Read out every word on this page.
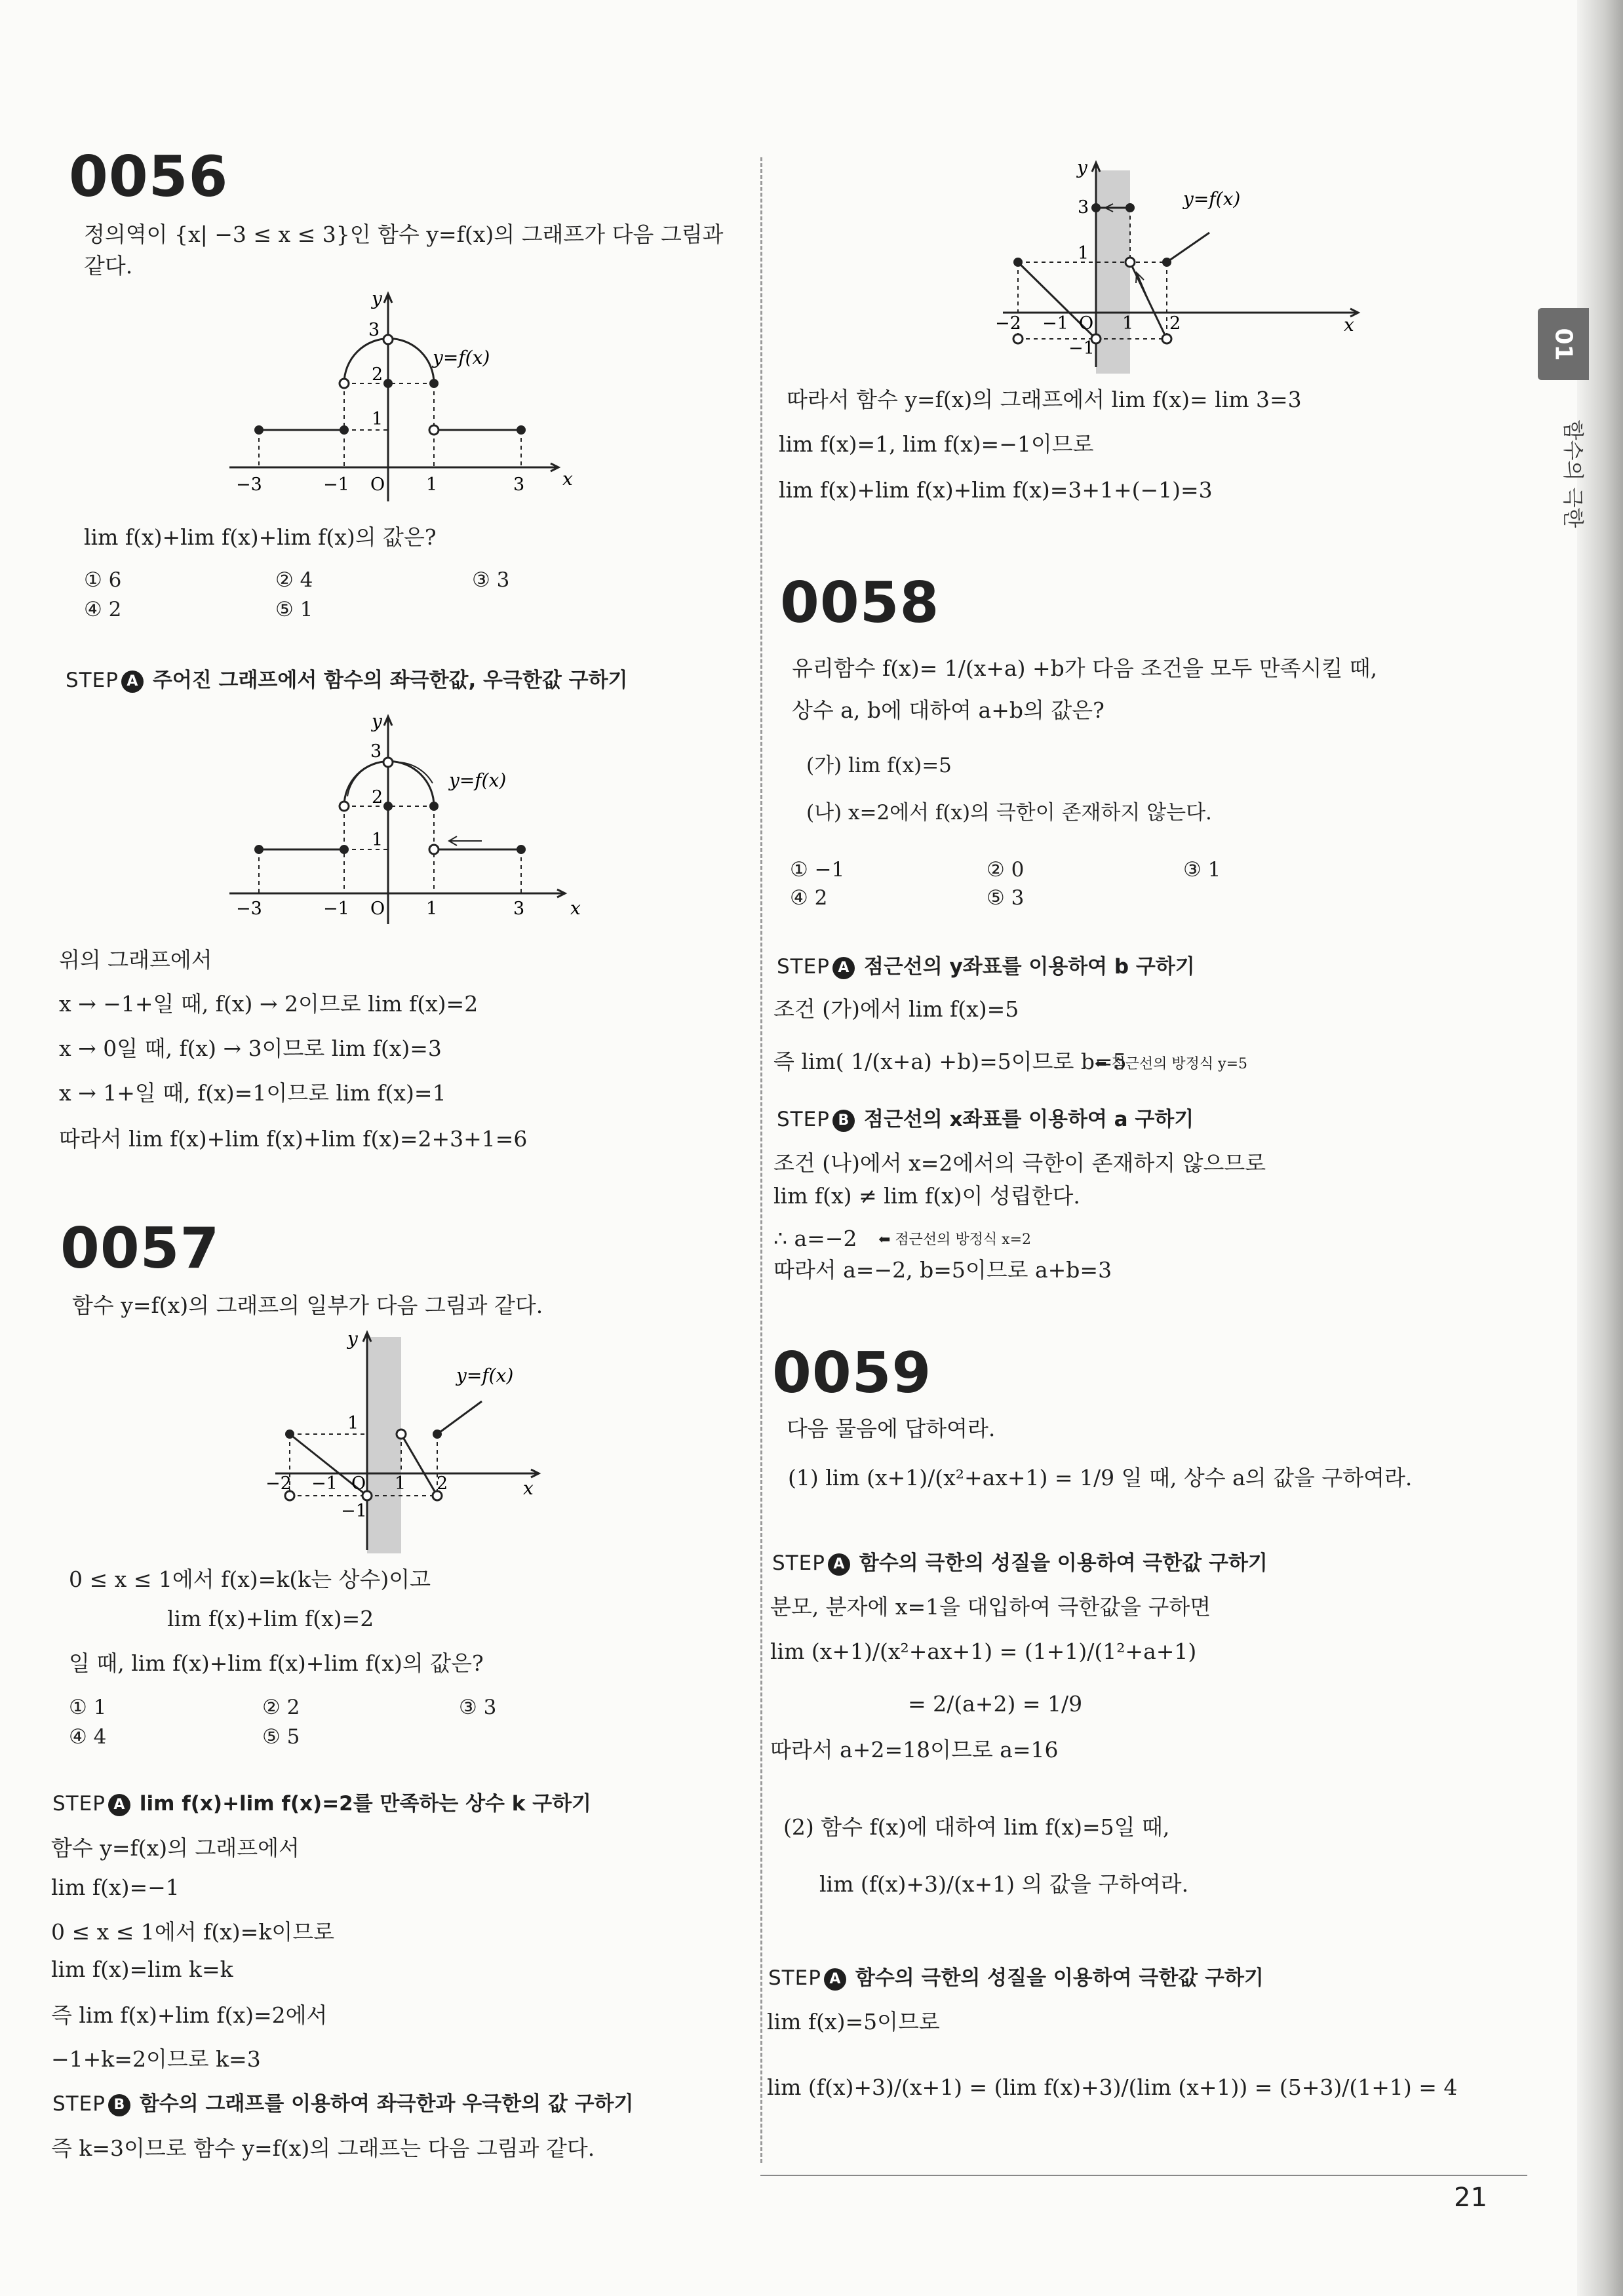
0056
정의역이 {x| −3 ≤ x ≤ 3}인 함수 y=f(x)의 그래프가 다음 그림과
같다.
y
x
3
2
1
−3	−1 O 1	3
y=f(x)
lim f(x)+lim f(x)+lim f(x)의 값은?
① 6	② 4	③ 3
④ 2	⑤ 1
STEP A 주어진 그래프에서 함수의 좌극한값, 우극한값 구하기
y
x
3
2
1
−3	−1 O 1	3
y=f(x)
위의 그래프에서
x → −1+일 때, f(x) → 2이므로 lim f(x)=2
x → 0일 때, f(x) → 3이므로 lim f(x)=3
x → 1+일 때, f(x)=1이므로 lim f(x)=1
따라서 lim f(x)+lim f(x)+lim f(x)=2+3+1=6
0057
함수 y=f(x)의 그래프의 일부가 다음 그림과 같다.
y
x
1
−1
−2 −1 O 1 2
y=f(x)
0 ≤ x ≤ 1에서 f(x)=k(k는 상수)이고
lim f(x)+lim f(x)=2
일 때, lim f(x)+lim f(x)+lim f(x)의 값은?
① 1	② 2	③ 3
④ 4	⑤ 5
STEP A lim f(x)+lim f(x)=2를 만족하는 상수 k 구하기
함수 y=f(x)의 그래프에서
lim f(x)=−1
0 ≤ x ≤ 1에서 f(x)=k이므로
lim f(x)=lim k=k
즉 lim f(x)+lim f(x)=2에서
−1+k=2이므로 k=3
STEP B 함수의 그래프를 이용하여 좌극한과 우극한의 값 구하기
즉 k=3이므로 함수 y=f(x)의 그래프는 다음 그림과 같다.
y
x
3
1
−1
−2 −1 O 1 2
y=f(x)
따라서 함수 y=f(x)의 그래프에서 lim f(x)= lim 3=3
lim f(x)=1, lim f(x)=−1이므로
lim f(x)+lim f(x)+lim f(x)=3+1+(−1)=3
0058
유리함수 f(x)= 1/(x+a) +b가 다음 조건을 모두 만족시킬 때,
상수 a, b에 대하여 a+b의 값은?
(가) lim f(x)=5
(나) x=2에서 f(x)의 극한이 존재하지 않는다.
① −1	② 0	③ 1
④ 2	⑤ 3
STEP A 점근선의 y좌표를 이용하여 b 구하기
조건 (가)에서 lim f(x)=5
즉 lim( 1/(x+a) +b)=5이므로 b=5
⬅ 점근선의 방정식 y=5
STEP B 점근선의 x좌표를 이용하여 a 구하기
조건 (나)에서 x=2에서의 극한이 존재하지 않으므로
lim f(x) ≠ lim f(x)이 성립한다.
∴ a=−2 ⬅ 점근선의 방정식 x=2
따라서 a=−2, b=5이므로 a+b=3
0059
다음 물음에 답하여라.
(1) lim (x+1)/(x²+ax+1) = 1/9 일 때, 상수 a의 값을 구하여라.
STEP A 함수의 극한의 성질을 이용하여 극한값 구하기
분모, 분자에 x=1을 대입하여 극한값을 구하면
lim (x+1)/(x²+ax+1) = (1+1)/(1²+a+1)
= 2/(a+2) = 1/9
따라서 a+2=18이므로 a=16
(2) 함수 f(x)에 대하여 lim f(x)=5일 때,
lim (f(x)+3)/(x+1) 의 값을 구하여라.
STEP A 함수의 극한의 성질을 이용하여 극한값 구하기
lim f(x)=5이므로
lim (f(x)+3)/(x+1) = (lim f(x)+3)/(lim (x+1)) = (5+3)/(1+1) = 4
21
01
함수의 극한
